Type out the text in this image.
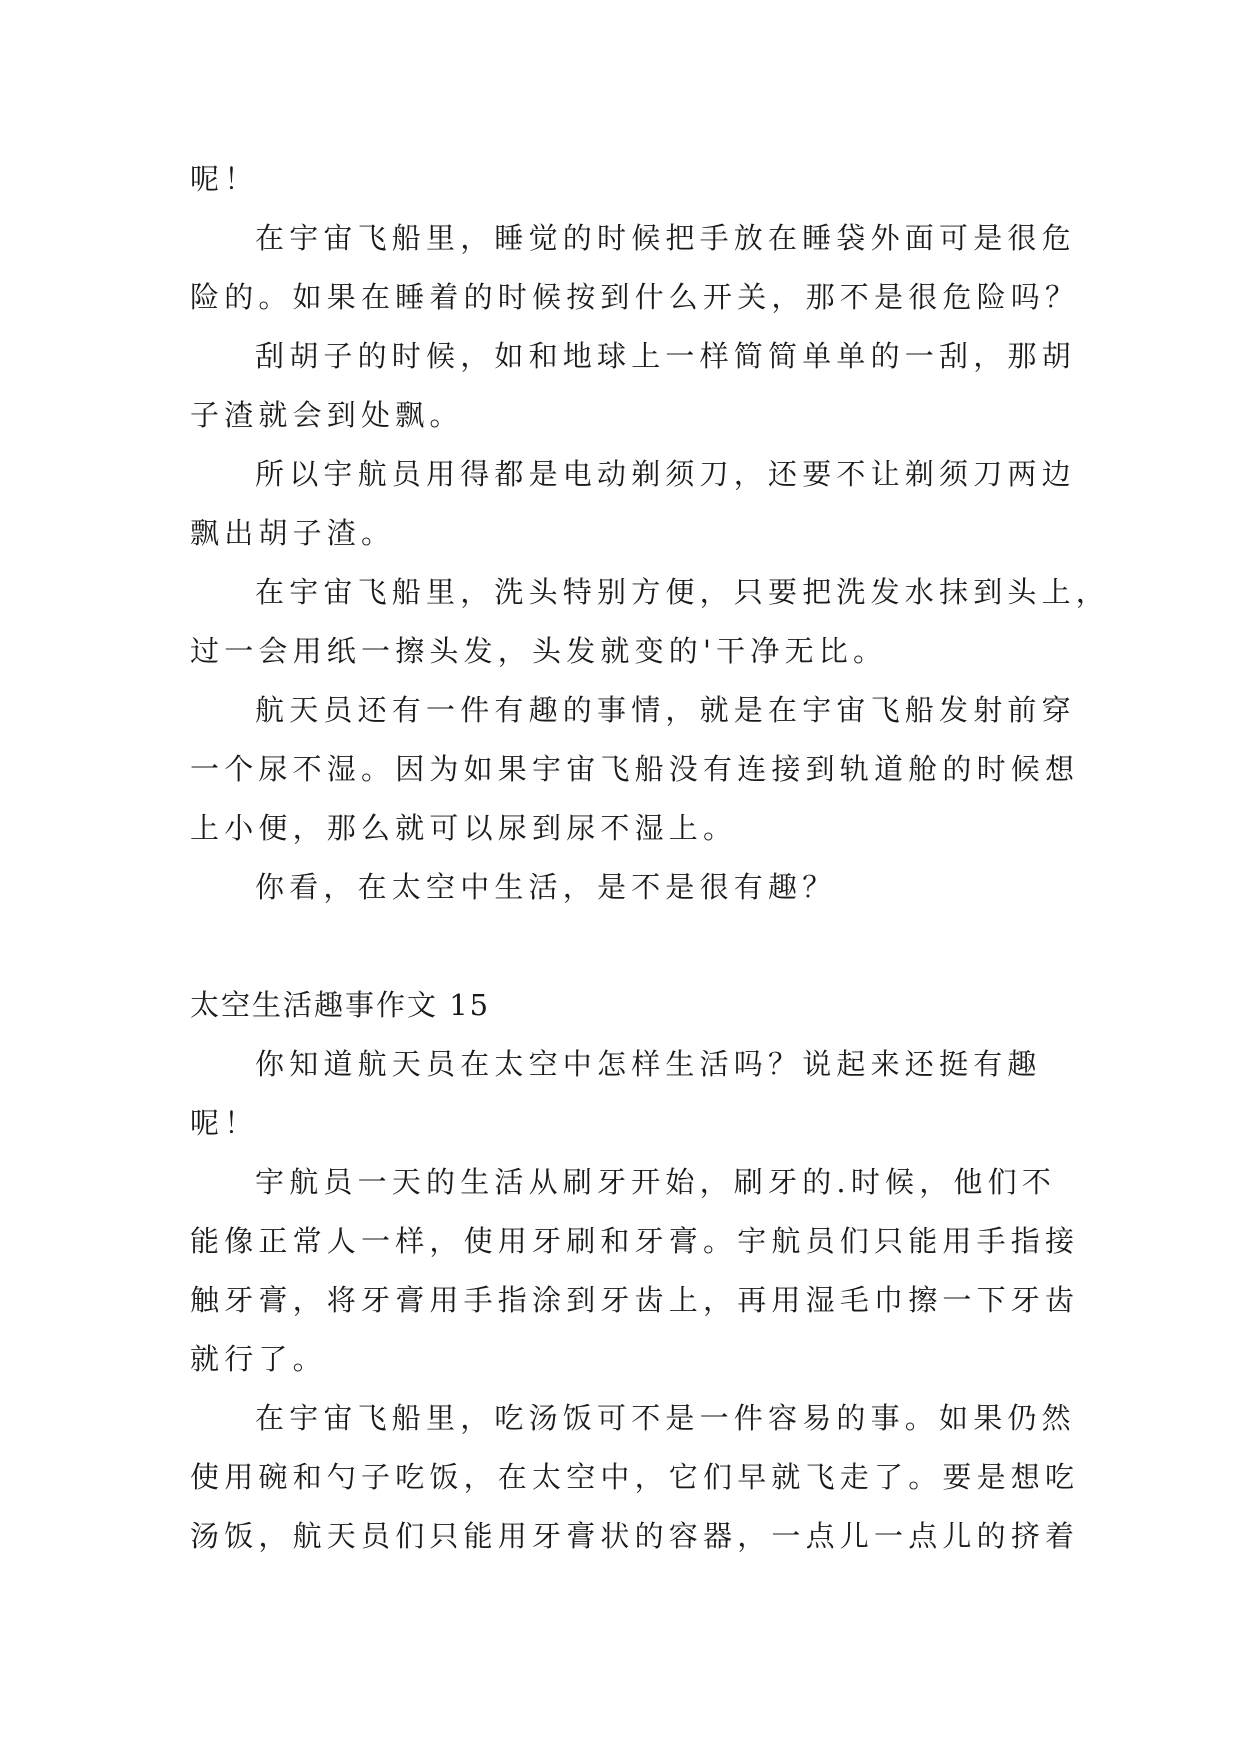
呢！

在宇宙飞船里，睡觉的时候把手放在睡袋外面可是很危

险的。如果在睡着的时候按到什么开关，那不是很危险吗？

刮胡子的时候，如和地球上一样简简单单的一刮，那胡

子渣就会到处飘。

所以宇航员用得都是电动剃须刀，还要不让剃须刀两边

飘出胡子渣。

在宇宙飞船里，洗头特别方便，只要把洗发水抹到头上，

过一会用纸一擦头发，头发就变的'干净无比。

航天员还有一件有趣的事情，就是在宇宙飞船发射前穿

一个尿不湿。因为如果宇宙飞船没有连接到轨道舱的时候想

上小便，那么就可以尿到尿不湿上。

你看，在太空中生活，是不是很有趣？

太空生活趣事作文 15

你知道航天员在太空中怎样生活吗？说起来还挺有趣

呢！

宇航员一天的生活从刷牙开始，刷牙的.时候，他们不

能像正常人一样，使用牙刷和牙膏。宇航员们只能用手指接

触牙膏，将牙膏用手指涂到牙齿上，再用湿毛巾擦一下牙齿

就行了。

在宇宙飞船里，吃汤饭可不是一件容易的事。如果仍然

使用碗和勺子吃饭，在太空中，它们早就飞走了。要是想吃

汤饭，航天员们只能用牙膏状的容器，一点儿一点儿的挤着
